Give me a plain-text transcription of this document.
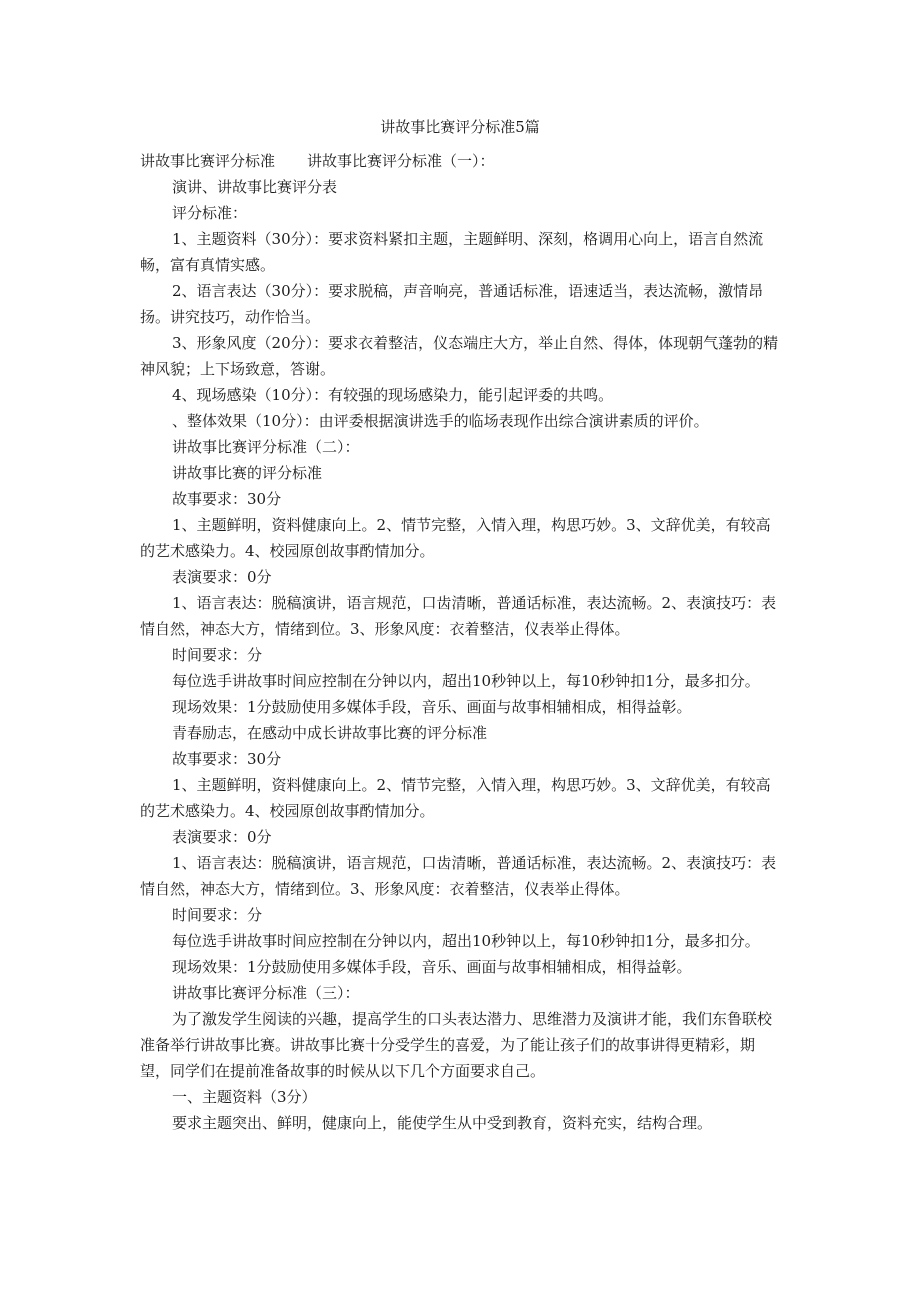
讲故事比赛评分标准5篇

讲故事比赛评分标准 讲故事比赛评分标准（一）：

演讲、讲故事比赛评分表

评分标准：

1、主题资料（30分）：要求资料紧扣主题，主题鲜明、深刻，格调用心向上，语言自然流畅，富有真情实感。

2、语言表达（30分）：要求脱稿，声音响亮，普通话标准，语速适当，表达流畅，激情昂扬。讲究技巧，动作恰当。

3、形象风度（20分）：要求衣着整洁，仪态端庄大方，举止自然、得体，体现朝气蓬勃的精神风貌；上下场致意，答谢。

4、现场感染（10分）：有较强的现场感染力，能引起评委的共鸣。

、整体效果（10分）：由评委根据演讲选手的临场表现作出综合演讲素质的评价。

讲故事比赛评分标准（二）：

讲故事比赛的评分标准

故事要求：30分

1、主题鲜明，资料健康向上。2、情节完整，入情入理，构思巧妙。3、文辞优美，有较高的艺术感染力。4、校园原创故事酌情加分。

表演要求：0分

1、语言表达：脱稿演讲，语言规范，口齿清晰，普通话标准，表达流畅。2、表演技巧：表情自然，神态大方，情绪到位。3、形象风度：衣着整洁，仪表举止得体。

时间要求：分

每位选手讲故事时间应控制在分钟以内，超出10秒钟以上，每10秒钟扣1分，最多扣分。

现场效果：1分鼓励使用多媒体手段，音乐、画面与故事相辅相成，相得益彰。

青春励志，在感动中成长讲故事比赛的评分标准

故事要求：30分

1、主题鲜明，资料健康向上。2、情节完整，入情入理，构思巧妙。3、文辞优美，有较高的艺术感染力。4、校园原创故事酌情加分。

表演要求：0分

1、语言表达：脱稿演讲，语言规范，口齿清晰，普通话标准，表达流畅。2、表演技巧：表情自然，神态大方，情绪到位。3、形象风度：衣着整洁，仪表举止得体。

时间要求：分

每位选手讲故事时间应控制在分钟以内，超出10秒钟以上，每10秒钟扣1分，最多扣分。

现场效果：1分鼓励使用多媒体手段，音乐、画面与故事相辅相成，相得益彰。

讲故事比赛评分标准（三）：

为了激发学生阅读的兴趣，提高学生的口头表达潜力、思维潜力及演讲才能，我们东鲁联校准备举行讲故事比赛。讲故事比赛十分受学生的喜爱，为了能让孩子们的故事讲得更精彩，期望，同学们在提前准备故事的时候从以下几个方面要求自己。

一、主题资料（3分）

要求主题突出、鲜明，健康向上，能使学生从中受到教育，资料充实，结构合理。
